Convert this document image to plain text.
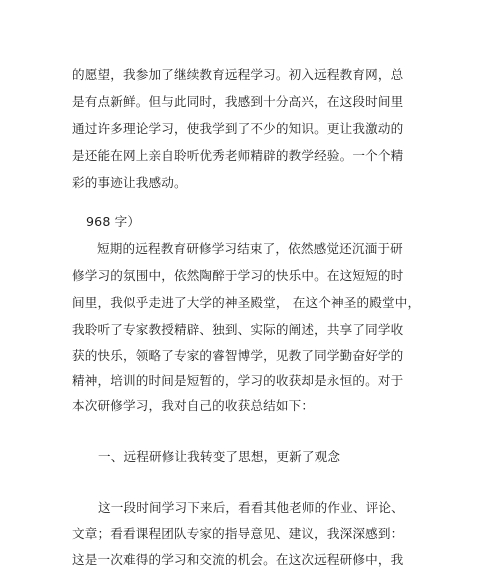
的愿望，我参加了继续教育远程学习。初入远程教育网，总
是有点新鲜。但与此同时，我感到十分高兴，在这段时间里
通过许多理论学习，使我学到了不少的知识。更让我激动的
是还能在网上亲自聆听优秀老师精辟的教学经验。一个个精
彩的事迹让我感动。
968 字）
短期的远程教育研修学习结束了，依然感觉还沉湎于研
修学习的氛围中，依然陶醉于学习的快乐中。在这短短的时
间里，我似乎走进了大学的神圣殿堂， 在这个神圣的殿堂中，
我聆听了专家教授精辟、独到、实际的阐述，共享了同学收
获的快乐，领略了专家的睿智博学，见教了同学勤奋好学的
精神，培训的时间是短暂的，学习的收获却是永恒的。对于
本次研修学习，我对自己的收获总结如下：
一、远程研修让我转变了思想，更新了观念
这一段时间学习下来后，看看其他老师的作业、评论、
文章；看看课程团队专家的指导意见、建议，我深深感到：
这是一次难得的学习和交流的机会。在这次远程研修中，我
